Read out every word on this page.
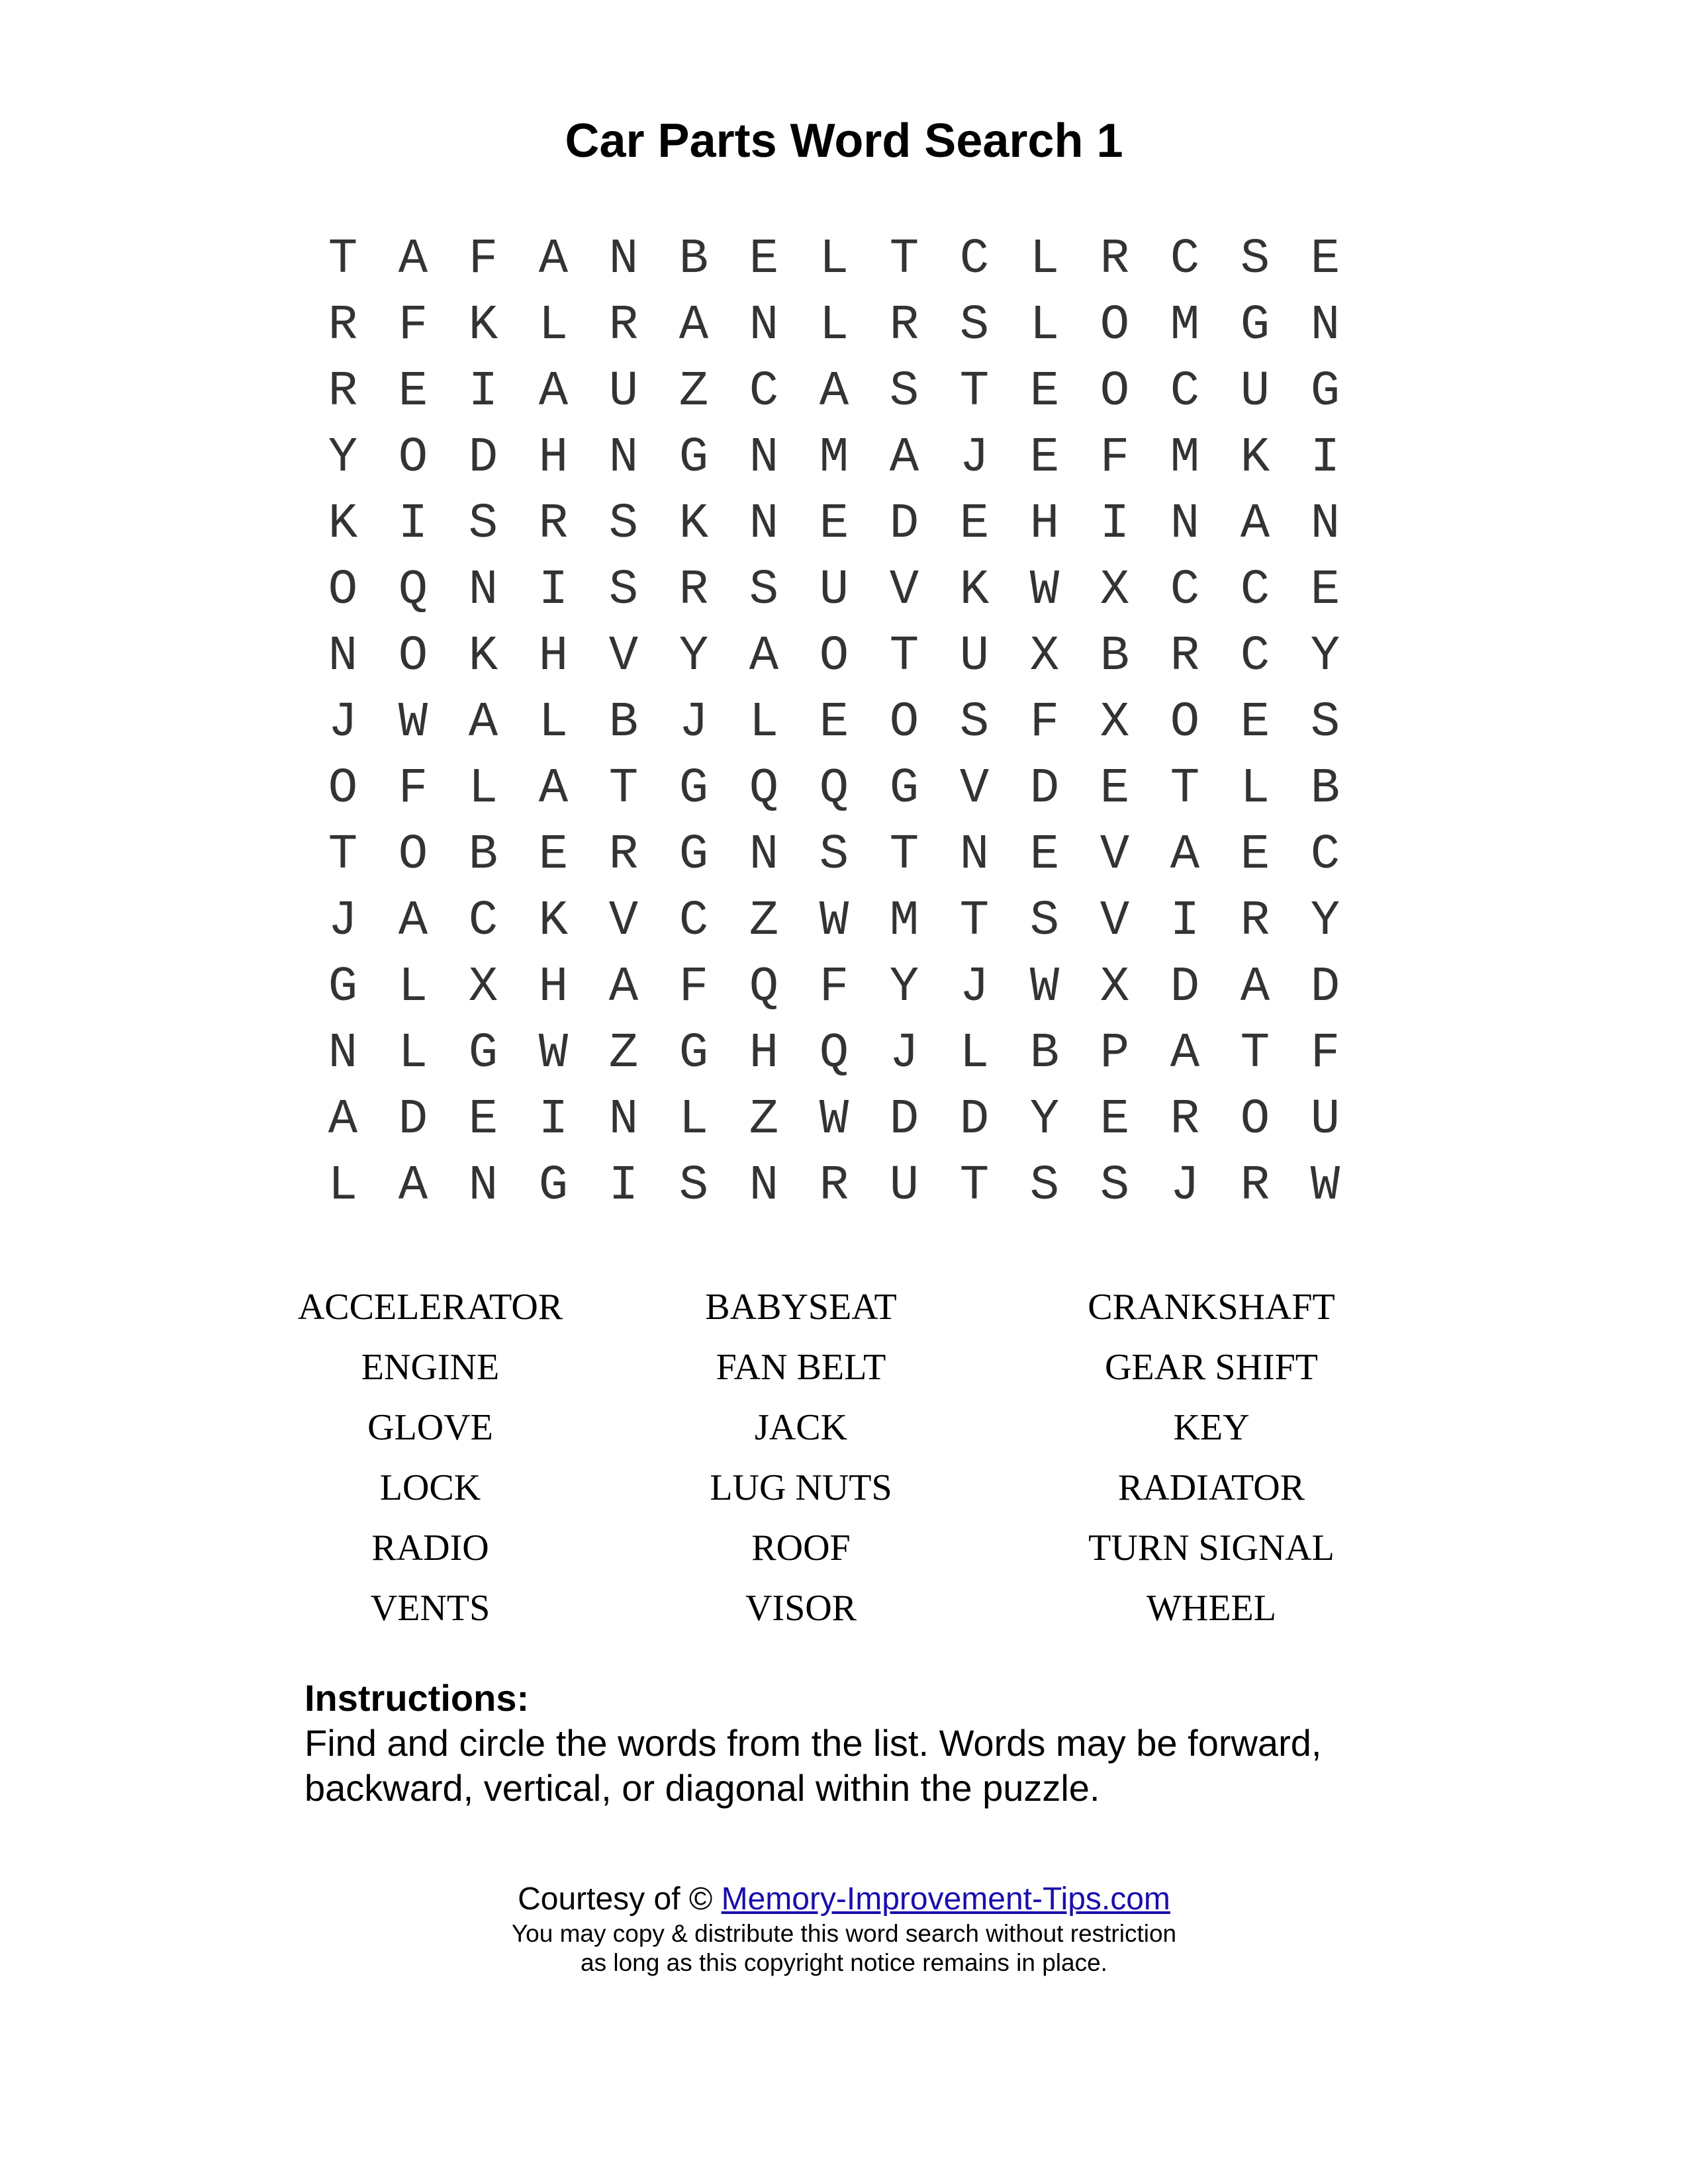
Car Parts Word Search 1
T A F A N B E L T C L R C S E
R F K L R A N L R S L O M G N
R E I A U Z C A S T E O C U G
Y O D H N G N M A J E F M K I
K I S R S K N E D E H I N A N
O Q N I S R S U V K W X C C E
N O K H V Y A O T U X B R C Y
J W A L B J L E O S F X O E S
O F L A T G Q Q G V D E T L B
T O B E R G N S T N E V A E C
J A C K V C Z W M T S V I R Y
G L X H A F Q F Y J W X D A D
N L G W Z G H Q J L B P A T F
A D E I N L Z W D D Y E R O U
L A N G I S N R U T S S J R W
ACCELERATOR	BABYSEAT	CRANKSHAFT
ENGINE	FAN BELT	GEAR SHIFT
GLOVE	JACK	KEY
LOCK	LUG NUTS	RADIATOR
RADIO	ROOF	TURN SIGNAL
VENTS	VISOR	WHEEL
Instructions:
Find and circle the words from the list. Words may be forward,
backward, vertical, or diagonal within the puzzle.
Courtesy of © Memory-Improvement-Tips.com
You may copy & distribute this word search without restriction
as long as this copyright notice remains in place.
